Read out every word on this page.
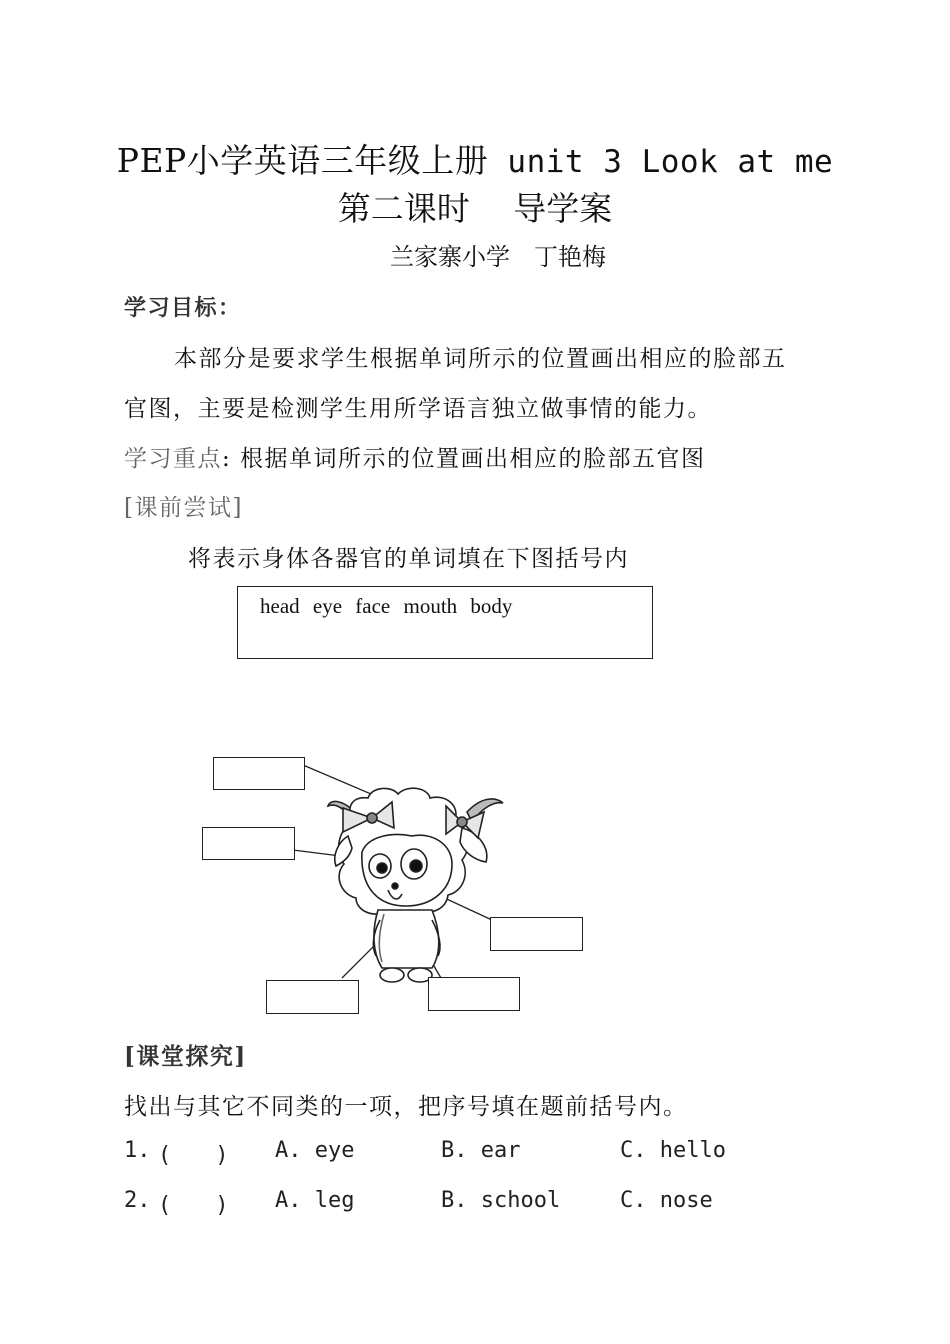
PEP小学英语三年级上册 unit 3 Look at me
第二课时　 导学案
兰家寨小学　丁艳梅
学习目标：
本部分是要求学生根据单词所示的位置画出相应的脸部五
官图，主要是检测学生用所学语言独立做事情的能力。
学习重点: 根据单词所示的位置画出相应的脸部五官图
[课前尝试]
将表示身体各器官的单词填在下图括号内
head eye face mouth body
[课堂探究]
找出与其它不同类的一项，把序号填在题前括号内。
1. (　　) A. eye	B. ear	C. hello
2. (　　) A. leg	B. school	C. nose
